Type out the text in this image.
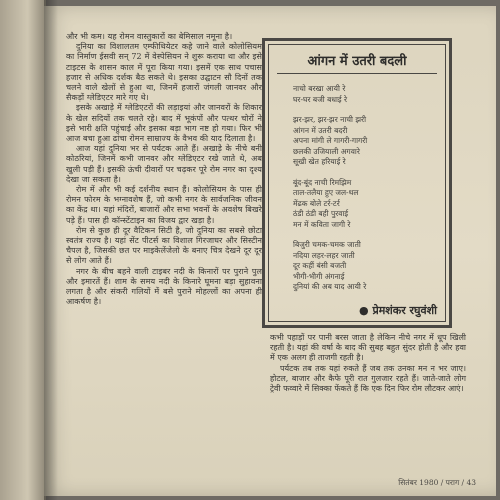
और भी कम। यह रोमन वास्तुकारों का बेमिसाल नमूना है।

दुनिया का विशालतम एम्फीथियेटर कहे जाने वाले कोलोसियम का निर्माण ईसवी सन् 72 में वेस्पेसियन ने शुरू कराया था और इसे टाइटस के शासन काल में पूरा किया गया। इसमें एक साथ पचास हजार से अधिक दर्शक बैठ सकते थे। इसका उद्घाटन सौ दिनों तक चलने वाले खेलों से हुआ था, जिनमें हजारों जंगली जानवर और सैकड़ों ग्लेडिएटर मारे गए थे।

इसके अखाड़े में ग्लेडिएटरों की लड़ाइयां और जानवरों के शिकार के खेल सदियों तक चलते रहे। बाद में भूकंपों और पत्थर चोरों ने इसे भारी क्षति पहुंचाई और इसका बड़ा भाग नष्ट हो गया। फिर भी आज बचा हुआ ढांचा रोमन साम्राज्य के वैभव की याद दिलाता है।

आज यहां दुनिया भर से पर्यटक आते हैं। अखाड़े के नीचे बनी कोठरियां, जिनमें कभी जानवर और ग्लेडिएटर रखे जाते थे, अब खुली पड़ी हैं। इसकी ऊंची दीवारों पर चढ़कर पूरे रोम नगर का दृश्य देखा जा सकता है।

रोम में और भी कई दर्शनीय स्थान हैं। कोलोसियम के पास ही रोमन फोरम के भग्नावशेष हैं, जो कभी नगर के सार्वजनिक जीवन का केंद्र था। यहां मंदिरों, बाजारों और सभा भवनों के अवशेष बिखरे पड़े हैं। पास ही कॉन्स्टेंटाइन का विजय द्वार खड़ा है।

रोम से कुछ ही दूर वैटिकन सिटी है, जो दुनिया का सबसे छोटा स्वतंत्र राज्य है। यहां सेंट पीटर्स का विशाल गिरजाघर और सिस्टीन चैपल है, जिसकी छत पर माइकेलेंजेलो के बनाए चित्र देखने दूर दूर से लोग आते हैं।

नगर के बीच बहने वाली टाइबर नदी के किनारों पर पुराने पुल और इमारतें हैं। शाम के समय नदी के किनारे घूमना बड़ा सुहावना लगता है और संकरी गलियों में बसे पुराने मोहल्लों का अपना ही आकर्षण है।

आंगन में उतरी बदली
नाचो बरखा आयी रे
घर-घर बजी बधाई रे
झर-झर, झर-झर नाची झरी
आंगन में उतरी बदरी
अपना मांगी ले गागरी-गागरी
छलकी उजियाली अगवारे
सूखी खेत हरियाई रे
बूंद-बूंद नाची रिमझिम
ताल-तलैया हुए जल-थल
मेंढक बोले टर्र-टर्र
ठंडी ठंडी बही पुरवाई
मन में कविता जागी रे
बिजुरी चमक-चमक जाती
नदिया लहर-लहर जाती
दूर कहीं बंसी बजती
भीगी-भीगी अंगनाई
दुनियां की अब याद आयी रे
● प्रेमशंकर रघुवंशी

कभी पहाड़ों पर पानी बरस जाता है लेकिन नीचे नगर में धूप खिली रहती है। यहां की वर्षा के बाद की सुबह बहुत सुंदर होती है और हवा में एक अलग ही ताजगी रहती है।

पर्यटक तब तक यहां रुकते हैं जब तक उनका मन न भर जाए। होटल, बाजार और कैफे पूरी रात गुलजार रहते हैं। जाते-जाते लोग ट्रेवी फव्वारे में सिक्का फेंकते हैं कि एक दिन फिर रोम लौटकर आएं।

सितंबर 1980 / पराग / 43
